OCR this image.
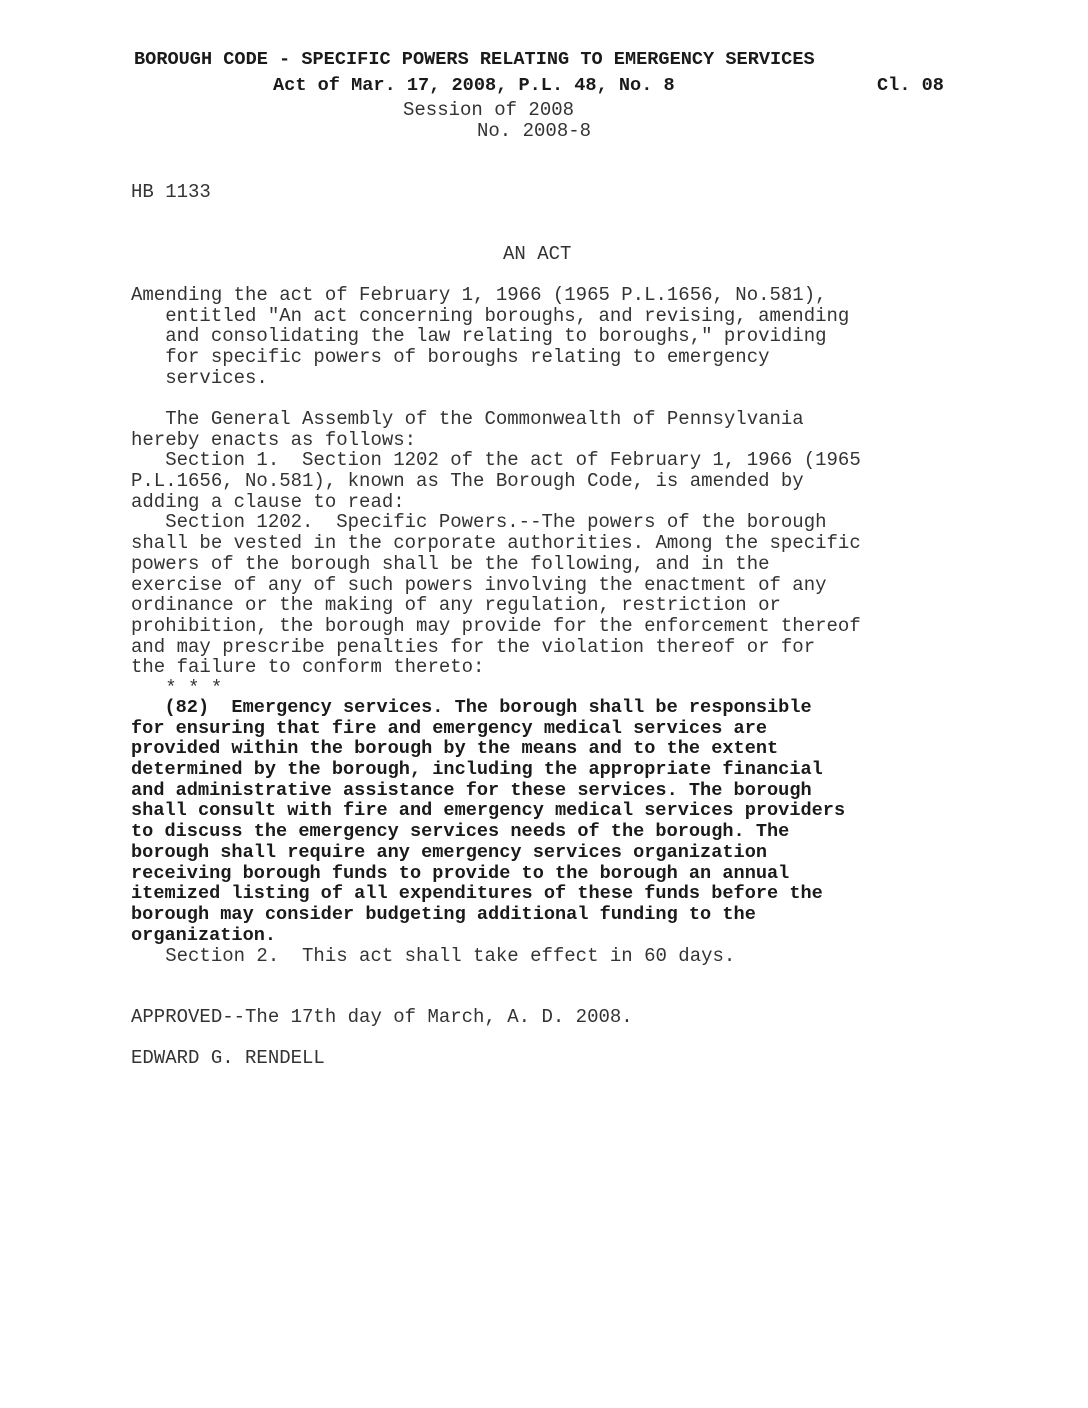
BOROUGH CODE - SPECIFIC POWERS RELATING TO EMERGENCY SERVICES
Act of Mar. 17, 2008, P.L. 48, No. 8	Cl. 08
Session of 2008
No. 2008-8
HB 1133
AN ACT
Amending the act of February 1, 1966 (1965 P.L.1656, No.581),
entitled "An act concerning boroughs, and revising, amending
and consolidating the law relating to boroughs," providing
for specific powers of boroughs relating to emergency
services.
The General Assembly of the Commonwealth of Pennsylvania
hereby enacts as follows:
Section 1.  Section 1202 of the act of February 1, 1966 (1965
P.L.1656, No.581), known as The Borough Code, is amended by
adding a clause to read:
Section 1202.  Specific Powers.--The powers of the borough
shall be vested in the corporate authorities. Among the specific
powers of the borough shall be the following, and in the
exercise of any of such powers involving the enactment of any
ordinance or the making of any regulation, restriction or
prohibition, the borough may provide for the enforcement thereof
and may prescribe penalties for the violation thereof or for
the failure to conform thereto:
* * *
(82)  Emergency services. The borough shall be responsible
for ensuring that fire and emergency medical services are
provided within the borough by the means and to the extent
determined by the borough, including the appropriate financial
and administrative assistance for these services. The borough
shall consult with fire and emergency medical services providers
to discuss the emergency services needs of the borough. The
borough shall require any emergency services organization
receiving borough funds to provide to the borough an annual
itemized listing of all expenditures of these funds before the
borough may consider budgeting additional funding to the
organization.
Section 2.  This act shall take effect in 60 days.
APPROVED--The 17th day of March, A. D. 2008.
EDWARD G. RENDELL
